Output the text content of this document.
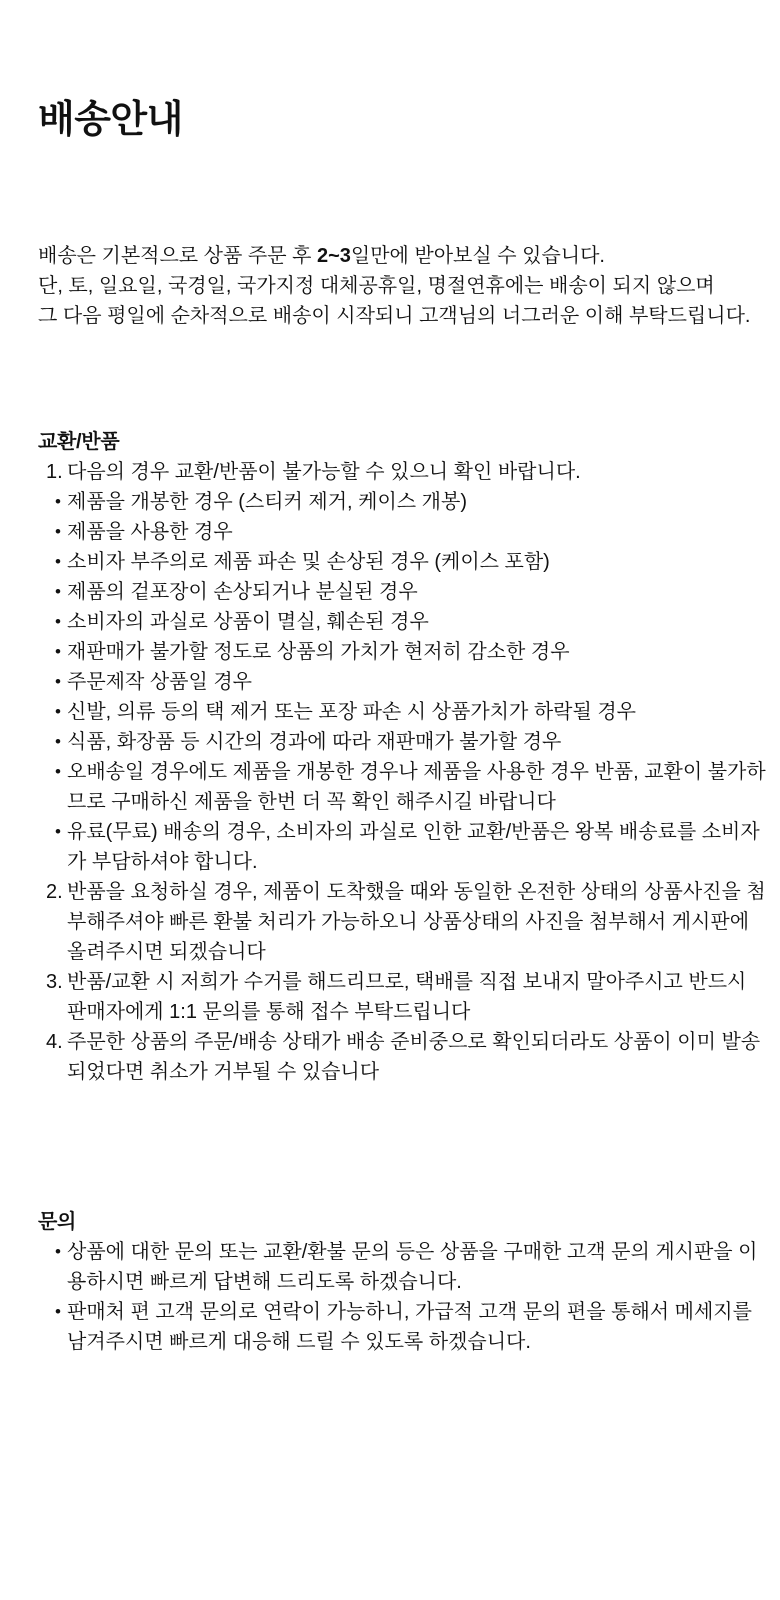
배송안내

배송은 기본적으로 상품 주문 후 2~3일만에 받아보실 수 있습니다.
단, 토, 일요일, 국경일, 국가지정 대체공휴일, 명절연휴에는 배송이 되지 않으며
그 다음 평일에 순차적으로 배송이 시작되니 고객님의 너그러운 이해 부탁드립니다.

교환/반품
1. 다음의 경우 교환/반품이 불가능할 수 있으니 확인 바랍니다.
• 제품을 개봉한 경우 (스티커 제거, 케이스 개봉)
• 제품을 사용한 경우
• 소비자 부주의로 제품 파손 및 손상된 경우 (케이스 포함)
• 제품의 겉포장이 손상되거나 분실된 경우
• 소비자의 과실로 상품이 멸실, 훼손된 경우
• 재판매가 불가할 정도로 상품의 가치가 현저히 감소한 경우
• 주문제작 상품일 경우
• 신발, 의류 등의 택 제거 또는 포장 파손 시 상품가치가 하락될 경우
• 식품, 화장품 등 시간의 경과에 따라 재판매가 불가할 경우
• 오배송일 경우에도 제품을 개봉한 경우나 제품을 사용한 경우 반품, 교환이 불가하므로 구매하신 제품을 한번 더 꼭 확인 해주시길 바랍니다
• 유료(무료) 배송의 경우, 소비자의 과실로 인한 교환/반품은 왕복 배송료를 소비자가 부담하셔야 합니다.
2. 반품을 요청하실 경우, 제품이 도착했을 때와 동일한 온전한 상태의 상품사진을 첨부해주셔야 빠른 환불 처리가 가능하오니 상품상태의 사진을 첨부해서 게시판에 올려주시면 되겠습니다
3. 반품/교환 시 저희가 수거를 해드리므로, 택배를 직접 보내지 말아주시고 반드시 판매자에게 1:1 문의를 통해 접수 부탁드립니다
4. 주문한 상품의 주문/배송 상태가 배송 준비중으로 확인되더라도 상품이 이미 발송되었다면 취소가 거부될 수 있습니다
문의
• 상품에 대한 문의 또는 교환/환불 문의 등은 상품을 구매한 고객 문의 게시판을 이용하시면 빠르게 답변해 드리도록 하겠습니다.
• 판매처 편 고객 문의로 연락이 가능하니, 가급적 고객 문의 편을 통해서 메세지를 남겨주시면 빠르게 대응해 드릴 수 있도록 하겠습니다.
